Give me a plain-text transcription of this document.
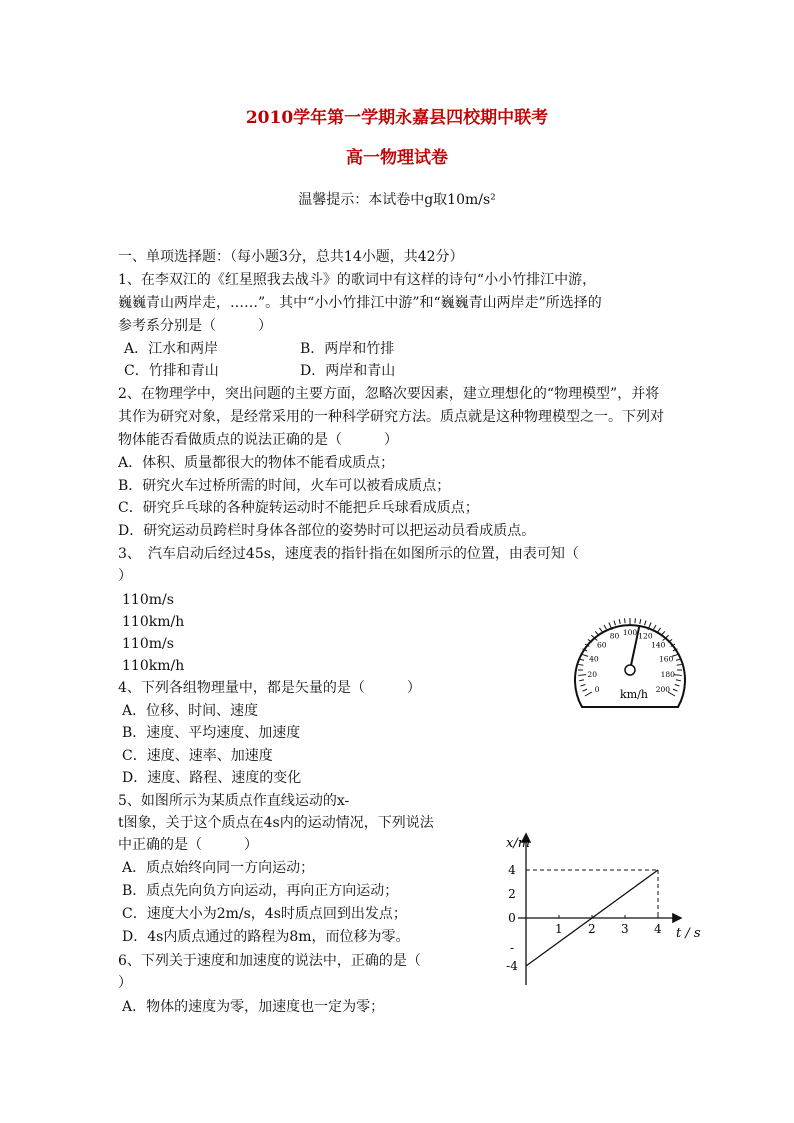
2010学年第一学期永嘉县四校期中联考
高一物理试卷
温馨提示：本试卷中g取10m/s²
一、单项选择题：（每小题3分，总共14小题，共42分）
1、在李双江的《红星照我去战斗》的歌词中有这样的诗句“小小竹排江中游，
巍巍青山两岸走，……”。其中“小小竹排江中游”和“巍巍青山两岸走”所选择的
参考系分别是（　　　）
A．江水和两岸	B．两岸和竹排
C．竹排和青山	D．两岸和青山
2、在物理学中，突出问题的主要方面，忽略次要因素，建立理想化的“物理模型”，并将
其作为研究对象，是经常采用的一种科学研究方法。质点就是这种物理模型之一。下列对
物体能否看做质点的说法正确的是（　　　）
A．体积、质量都很大的物体不能看成质点；
B．研究火车过桥所需的时间，火车可以被看成质点；
C．研究乒乓球的各种旋转运动时不能把乒乓球看成质点；
D．研究运动员跨栏时身体各部位的姿势时可以把运动员看成质点。
3、　汽车启动后经过45s，速度表的指针指在如图所示的位置，由表可知（
）
110m/s
110km/h
110m/s
110km/h
0
20
40
60
80 100 120
140
160
180
200
km/h
4、下列各组物理量中，都是矢量的是（　　　）
A．位移、时间、速度
B．速度、平均速度、加速度
C．速度、速率、加速度
D．速度、路程、速度的变化
5、如图所示为某质点作直线运动的x-
t图象，关于这个质点在4s内的运动情况，下列说法
中正确的是（　　　）
A．质点始终向同一方向运动；
B．质点先向负方向运动，再向正方向运动；
C．速度大小为2m/s，4s时质点回到出发点；
D．4s内质点通过的路程为8m，而位移为零。
x/m
t / s
1 2 3 4
4
2
0
-
-4
6、下列关于速度和加速度的说法中，正确的是（
）
A．物体的速度为零，加速度也一定为零；
